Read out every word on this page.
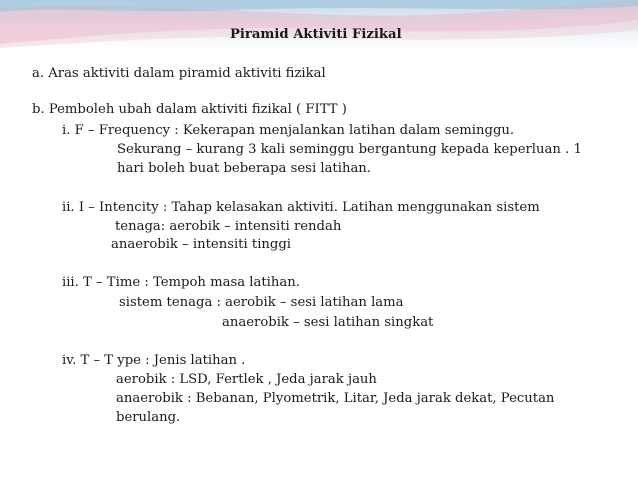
Piramid Aktiviti Fizikal
a. Aras aktiviti dalam piramid aktiviti fizikal
b. Pemboleh ubah dalam aktiviti fizikal ( FITT )
i. F – Frequency : Kekerapan menjalankan latihan dalam seminggu.
Sekurang – kurang 3 kali seminggu bergantung kepada keperluan . 1
hari boleh buat beberapa sesi latihan.
ii. I – Intencity : Tahap kelasakan aktiviti. Latihan menggunakan sistem
tenaga: aerobik – intensiti rendah
anaerobik – intensiti tinggi
iii. T – Time : Tempoh masa latihan.
sistem tenaga : aerobik – sesi latihan lama
anaerobik – sesi latihan singkat
iv. T – T ype : Jenis latihan .
aerobik : LSD, Fertlek , Jeda jarak jauh
anaerobik : Bebanan, Plyometrik, Litar, Jeda jarak dekat, Pecutan
berulang.
